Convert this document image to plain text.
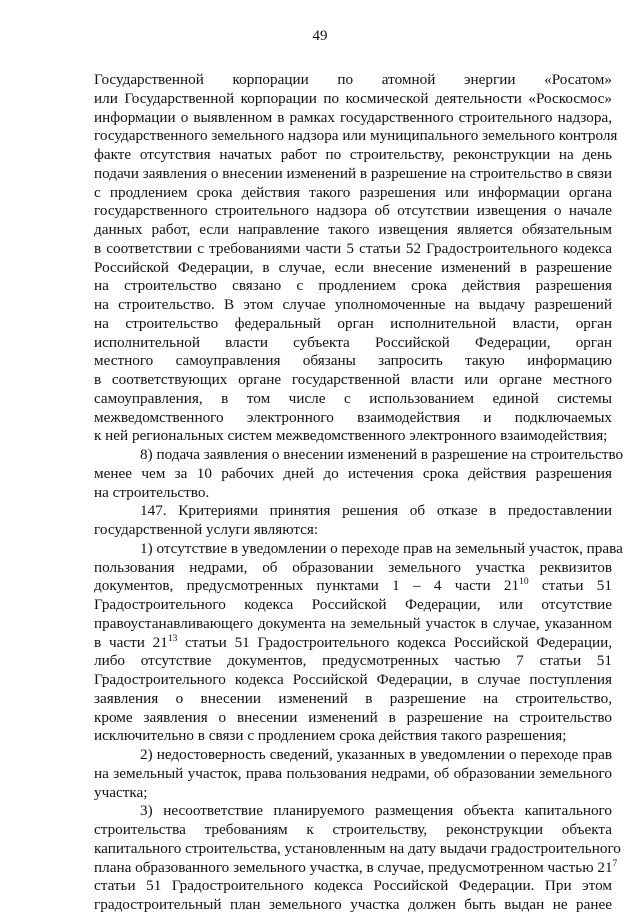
49
Государственной корпорации по атомной энергии «Росатом»
или Государственной корпорации по космической деятельности «Роскосмос»
информации о выявленном в рамках государственного строительного надзора,
государственного земельного надзора или муниципального земельного контроля
факте отсутствия начатых работ по строительству, реконструкции на день
подачи заявления о внесении изменений в разрешение на строительство в связи
с продлением срока действия такого разрешения или информации органа
государственного строительного надзора об отсутствии извещения о начале
данных работ, если направление такого извещения является обязательным
в соответствии с требованиями части 5 статьи 52 Градостроительного кодекса
Российской Федерации, в случае, если внесение изменений в разрешение
на строительство связано с продлением срока действия разрешения
на строительство. В этом случае уполномоченные на выдачу разрешений
на строительство федеральный орган исполнительной власти, орган
исполнительной власти субъекта Российской Федерации, орган
местного самоуправления обязаны запросить такую информацию
в соответствующих органе государственной власти или органе местного
самоуправления, в том числе с использованием единой системы
межведомственного электронного взаимодействия и подключаемых
к ней региональных систем межведомственного электронного взаимодействия;
8) подача заявления о внесении изменений в разрешение на строительство
менее чем за 10 рабочих дней до истечения срока действия разрешения
на строительство.
147. Критериями принятия решения об отказе в предоставлении
государственной услуги являются:
1) отсутствие в уведомлении о переходе прав на земельный участок, права
пользования недрами, об образовании земельного участка реквизитов
документов, предусмотренных пунктами 1 – 4 части $21^{10}$ статьи 51
Градостроительного кодекса Российской Федерации, или отсутствие
правоустанавливающего документа на земельный участок в случае, указанном
в части $21^{13}$ статьи 51 Градостроительного кодекса Российской Федерации,
либо отсутствие документов, предусмотренных частью 7 статьи 51
Градостроительного кодекса Российской Федерации, в случае поступления
заявления о внесении изменений в разрешение на строительство,
кроме заявления о внесении изменений в разрешение на строительство
исключительно в связи с продлением срока действия такого разрешения;
2) недостоверность сведений, указанных в уведомлении о переходе прав
на земельный участок, права пользования недрами, об образовании земельного
участка;
3) несоответствие планируемого размещения объекта капитального
строительства требованиям к строительству, реконструкции объекта
капитального строительства, установленным на дату выдачи градостроительного
плана образованного земельного участка, в случае, предусмотренном частью $21^7$
статьи 51 Градостроительного кодекса Российской Федерации. При этом
градостроительный план земельного участка должен быть выдан не ранее
